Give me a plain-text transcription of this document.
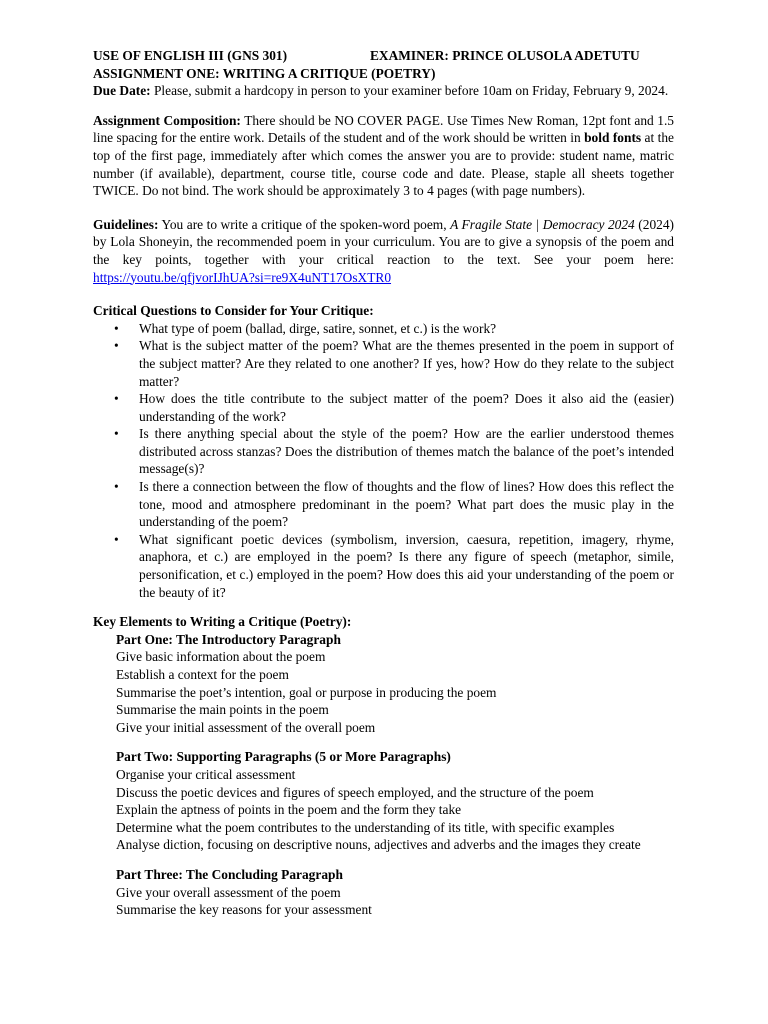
USE OF ENGLISH III (GNS 301)	EXAMINER: PRINCE OLUSOLA ADETUTU

ASSIGNMENT ONE: WRITING A CRITIQUE (POETRY)

Due Date: Please, submit a hardcopy in person to your examiner before 10am on Friday, February 9, 2024.

Assignment Composition: There should be NO COVER PAGE. Use Times New Roman, 12pt font and 1.5 line spacing for the entire work. Details of the student and of the work should be written in bold fonts at the top of the first page, immediately after which comes the answer you are to provide: student name, matric number (if available), department, course title, course code and date. Please, staple all sheets together TWICE. Do not bind. The work should be approximately 3 to 4 pages (with page numbers).

Guidelines: You are to write a critique of the spoken-word poem, A Fragile State | Democracy 2024 (2024) by Lola Shoneyin, the recommended poem in your curriculum. You are to give a synopsis of the poem and the key points, together with your critical reaction to the text. See your poem here: https://youtu.be/qfjvorIJhUA?si=re9X4uNT17OsXTR0

Critical Questions to Consider for Your Critique:

• What type of poem (ballad, dirge, satire, sonnet, et c.) is the work?
• What is the subject matter of the poem? What are the themes presented in the poem in support of the subject matter? Are they related to one another? If yes, how? How do they relate to the subject matter?
• How does the title contribute to the subject matter of the poem? Does it also aid the (easier) understanding of the work?
• Is there anything special about the style of the poem? How are the earlier understood themes distributed across stanzas? Does the distribution of themes match the balance of the poet’s intended message(s)?
• Is there a connection between the flow of thoughts and the flow of lines? How does this reflect the tone, mood and atmosphere predominant in the poem? What part does the music play in the understanding of the poem?
• What significant poetic devices (symbolism, inversion, caesura, repetition, imagery, rhyme, anaphora, et c.) are employed in the poem? Is there any figure of speech (metaphor, simile, personification, et c.) employed in the poem? How does this aid your understanding of the poem or the beauty of it?

Key Elements to Writing a Critique (Poetry):

Part One: The Introductory Paragraph

Give basic information about the poem

Establish a context for the poem

Summarise the poet’s intention, goal or purpose in producing the poem

Summarise the main points in the poem

Give your initial assessment of the overall poem

Part Two: Supporting Paragraphs (5 or More Paragraphs)

Organise your critical assessment

Discuss the poetic devices and figures of speech employed, and the structure of the poem

Explain the aptness of points in the poem and the form they take

Determine what the poem contributes to the understanding of its title, with specific examples

Analyse diction, focusing on descriptive nouns, adjectives and adverbs and the images they create

Part Three: The Concluding Paragraph

Give your overall assessment of the poem

Summarise the key reasons for your assessment
